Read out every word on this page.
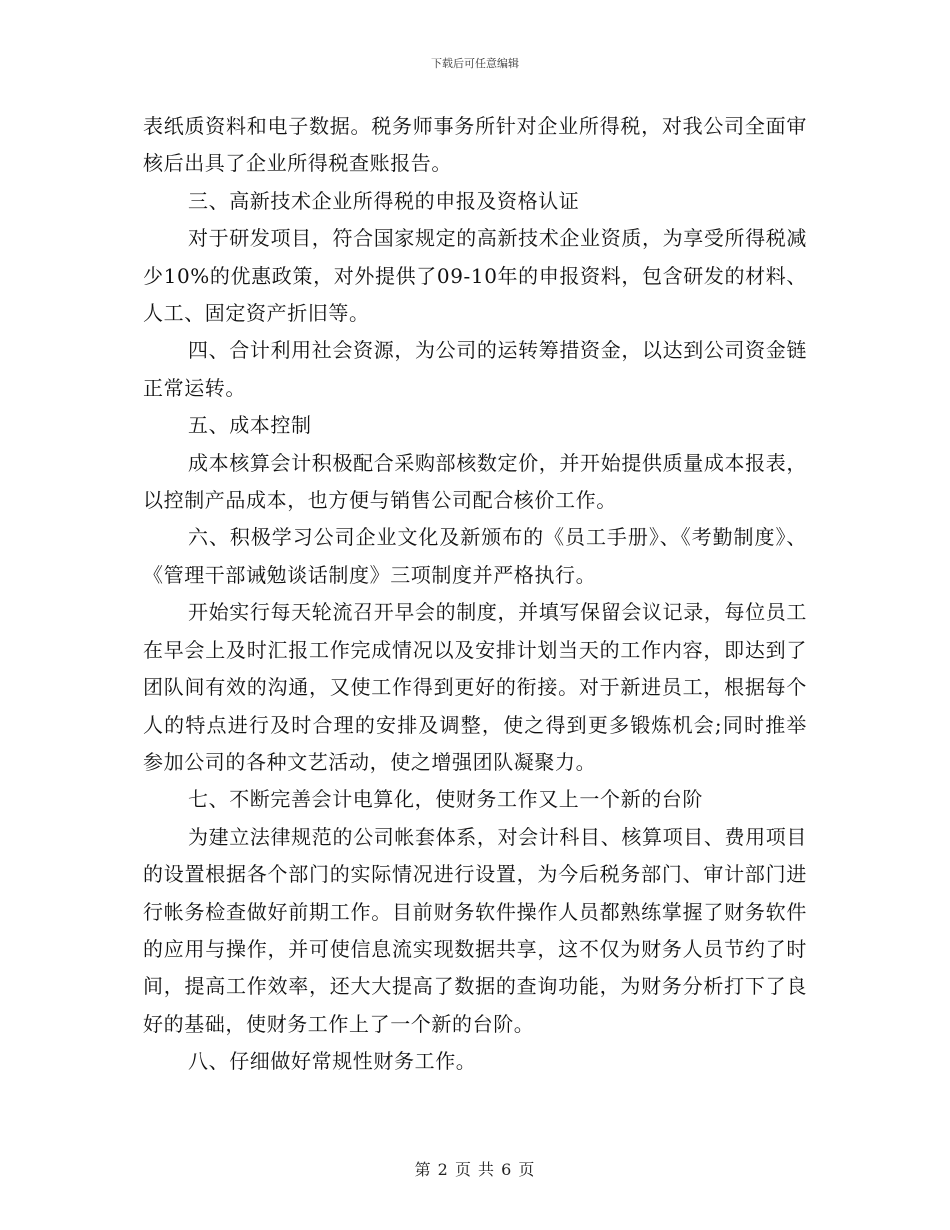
下载后可任意编辑

表纸质资料和电子数据。税务师事务所针对企业所得税，对我公司全面审核后出具了企业所得税查账报告。

三、高新技术企业所得税的申报及资格认证

对于研发项目，符合国家规定的高新技术企业资质，为享受所得税减少10%的优惠政策，对外提供了09-10年的申报资料，包含研发的材料、人工、固定资产折旧等。

四、合计利用社会资源，为公司的运转筹措资金，以达到公司资金链正常运转。

五、成本控制

成本核算会计积极配合采购部核数定价，并开始提供质量成本报表，以控制产品成本，也方便与销售公司配合核价工作。

六、积极学习公司企业文化及新颁布的《员工手册》、《考勤制度》、《管理干部诫勉谈话制度》三项制度并严格执行。

开始实行每天轮流召开早会的制度，并填写保留会议记录，每位员工在早会上及时汇报工作完成情况以及安排计划当天的工作内容，即达到了团队间有效的沟通，又使工作得到更好的衔接。对于新进员工，根据每个人的特点进行及时合理的安排及调整，使之得到更多锻炼机会;同时推举参加公司的各种文艺活动，使之增强团队凝聚力。

七、不断完善会计电算化，使财务工作又上一个新的台阶

为建立法律规范的公司帐套体系，对会计科目、核算项目、费用项目的设置根据各个部门的实际情况进行设置，为今后税务部门、审计部门进行帐务检查做好前期工作。目前财务软件操作人员都熟练掌握了财务软件的应用与操作，并可使信息流实现数据共享，这不仅为财务人员节约了时间，提高工作效率，还大大提高了数据的查询功能，为财务分析打下了良好的基础，使财务工作上了一个新的台阶。

八、仔细做好常规性财务工作。

第 2 页 共 6 页
